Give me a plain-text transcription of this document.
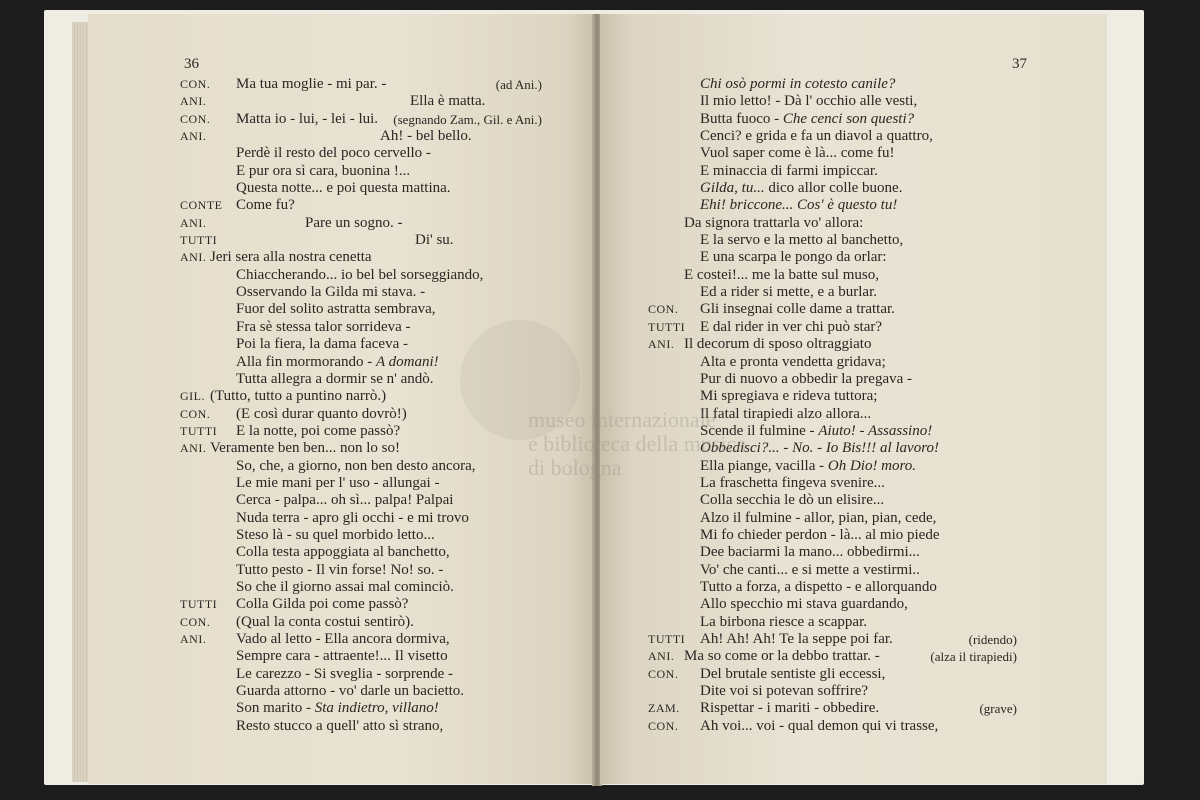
36
CON. Ma tua moglie - mi par. -	(ad Ani.)
ANI.	Ella è matta.
CON. Matta io - lui, - lei - lui. (segnando Zam., Gil. e Ani.)
ANI.	Ah! - bel bello.
Perdè il resto del poco cervello -
E pur ora sì cara, buonina !...
Questa notte... e poi questa mattina.
CONTE Come fu?
ANI.	Pare un sogno. -
TUTTI	Di' su.
ANI. Jeri sera alla nostra cenetta
Chiaccherando... io bel bel sorseggiando,
Osservando la Gilda mi stava. -
Fuor del solito astratta sembrava,
Fra sè stessa talor sorrideva -
Poi la fiera, la dama faceva -
Alla fin mormorando - A domani!
Tutta allegra a dormir se n' andò.
GIL. (Tutto, tutto a puntino narrò.)
CON. (E così durar quanto dovrò!)
TUTTI E la notte, poi come passò?
ANI. Veramente ben ben... non lo so!
So, che, a giorno, non ben desto ancora,
Le mie mani per l' uso - allungai -
Cerca - palpa... oh sì... palpa! Palpai
Nuda terra - apro gli occhi - e mi trovo
Steso là - su quel morbido letto...
Colla testa appoggiata al banchetto,
Tutto pesto - Il vin forse! No! so. -
So che il giorno assai mal cominciò.
TUTTI Colla Gilda poi come passò?
CON. (Qual la conta costui sentirò).
ANI. Vado al letto - Ella ancora dormiva,
Sempre cara - attraente!... Il visetto
Le carezzo - Si sveglia - sorprende -
Guarda attorno - vo' darle un bacietto.
Son marito - Sta indietro, villano!
Resto stucco a quell' atto sì strano,
37
Chi osò pormi in cotesto canile?
Il mio letto! - Dà l' occhio alle vesti,
Butta fuoco - Che cenci son questi?
Cenci? e grida e fa un diavol a quattro,
Vuol saper come è là... come fu!
E minaccia di farmi impiccar.
Gilda, tu... dico allor colle buone.
Ehi! briccone... Cos' è questo tu!
Da signora trattarla vo' allora:
E la servo e la metto al banchetto,
E una scarpa le pongo da orlar:
E costei!... me la batte sul muso,
Ed a rider si mette, e a burlar.
CON. Gli insegnai colle dame a trattar.
TUTTI E dal rider in ver chi può star?
ANI. Il decorum di sposo oltraggiato
Alta e pronta vendetta gridava;
Pur di nuovo a obbedir la pregava -
Mi spregiava e rideva tuttora;
Il fatal tirapiedi alzo allora...
Scende il fulmine - Aiuto! - Assassino!
Obbedisci?... - No. - Io Bis!!! al lavoro!
Ella piange, vacilla - Oh Dio! moro.
La fraschetta fingeva svenire...
Colla secchia le dò un elisire...
Alzo il fulmine - allor, pian, pian, cede,
Mi fo chieder perdon - là... al mio piede
Dee baciarmi la mano... obbedirmi...
Vo' che canti... e si mette a vestirmi..
Tutto a forza, a dispetto - e allorquando
Allo specchio mi stava guardando,
La birbona riesce a scappar.
TUTTI Ah! Ah! Ah! Te la seppe poi far.	(ridendo)
ANI. Ma so come or la debbo trattar. -	(alza il tirapiedi)
CON. Del brutale sentiste gli eccessi,
Dite voi si potevan soffrire?
ZAM. Rispettar - i mariti - obbedire.	(grave)
CON. Ah voi... voi - qual demon qui vi trasse,
museo internazionale
e biblioteca della musica
di bologna
